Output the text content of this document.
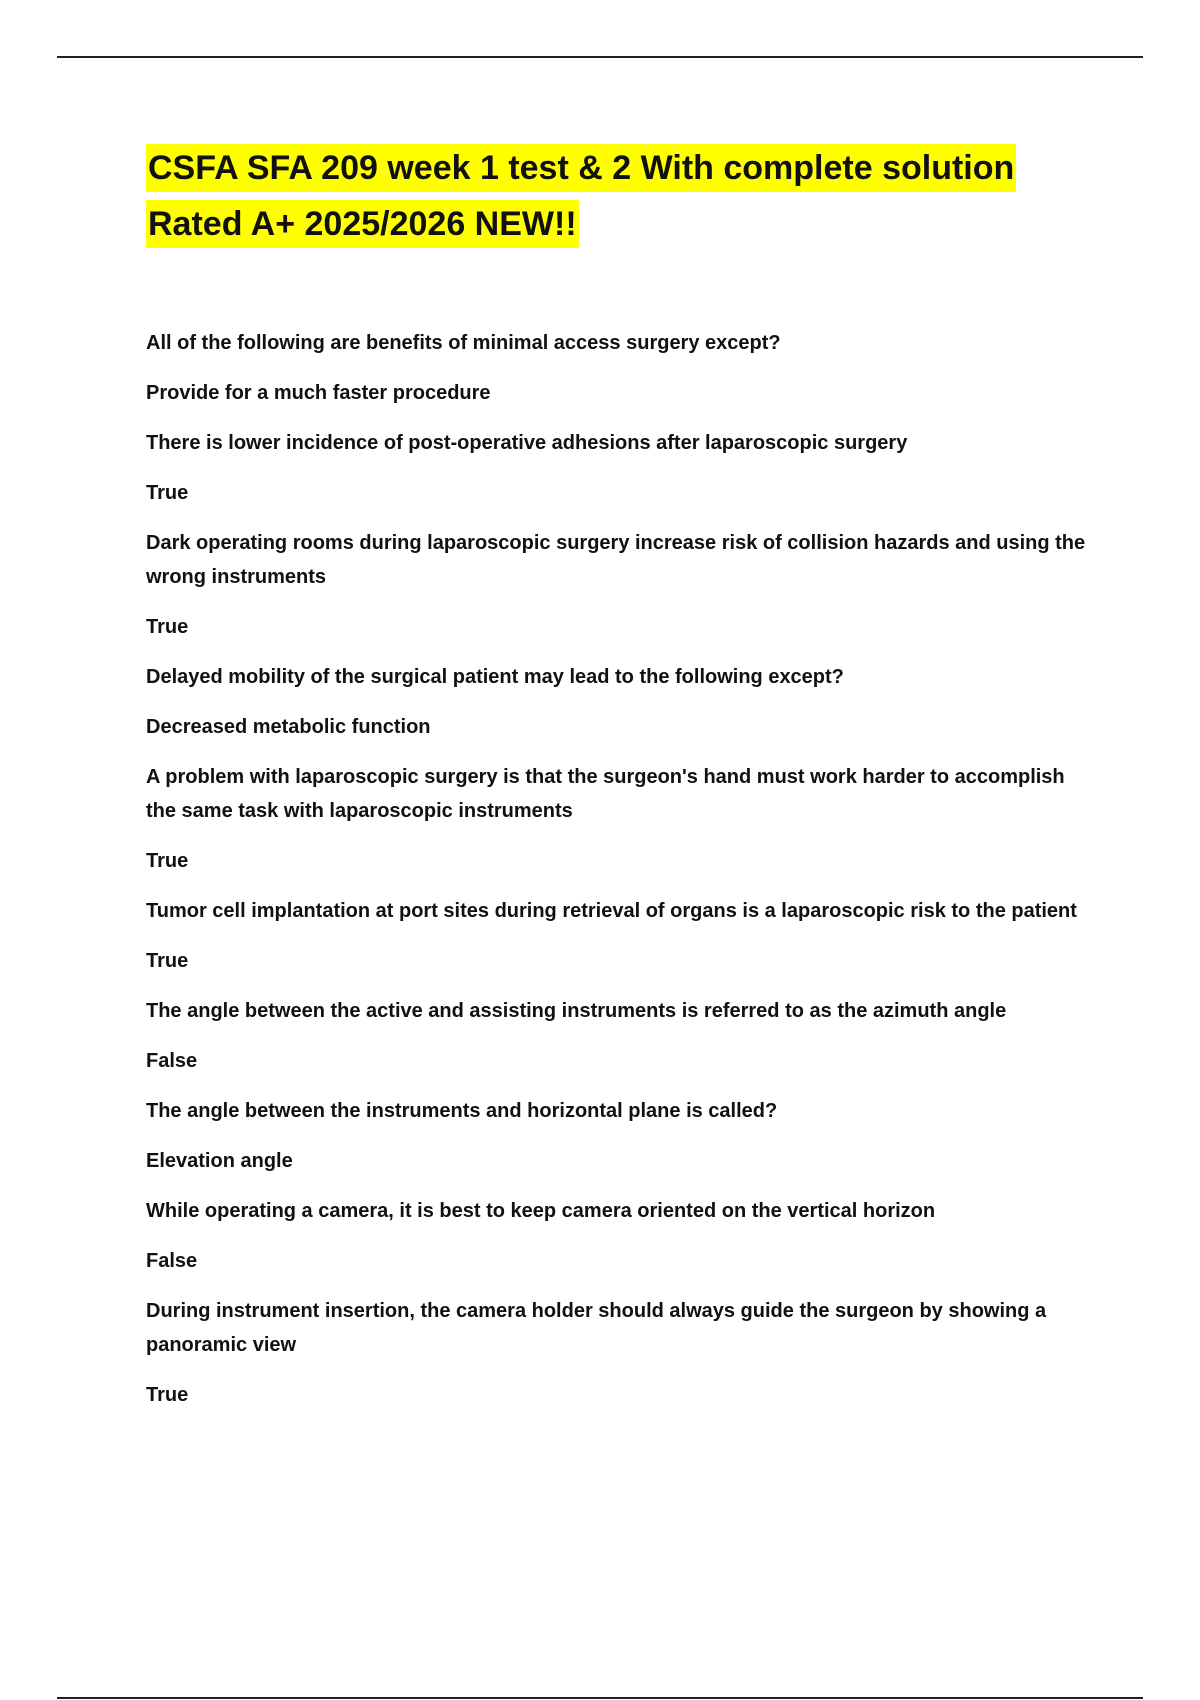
CSFA SFA 209 week 1 test & 2 With complete solution
Rated A+ 2025/2026 NEW!!

All of the following are benefits of minimal access surgery except?

Provide for a much faster procedure

There is lower incidence of post-operative adhesions after laparoscopic surgery

True

Dark operating rooms during laparoscopic surgery increase risk of collision hazards and using the wrong instruments

True

Delayed mobility of the surgical patient may lead to the following except?

Decreased metabolic function

A problem with laparoscopic surgery is that the surgeon's hand must work harder to accomplish the same task with laparoscopic instruments

True

Tumor cell implantation at port sites during retrieval of organs is a laparoscopic risk to the patient

True

The angle between the active and assisting instruments is referred to as the azimuth angle

False

The angle between the instruments and horizontal plane is called?

Elevation angle

While operating a camera, it is best to keep camera oriented on the vertical horizon

False

During instrument insertion, the camera holder should always guide the surgeon by showing a panoramic view

True
